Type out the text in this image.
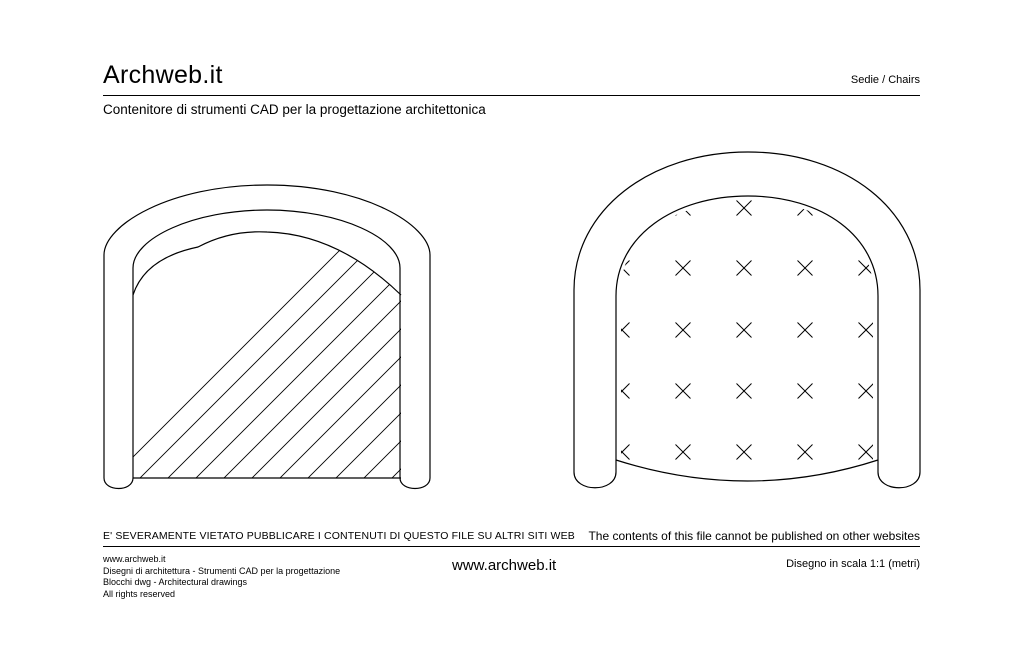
Archweb.it	Sedie / Chairs
Contenitore di strumenti CAD per la progettazione architettonica
E' SEVERAMENTE VIETATO PUBBLICARE I CONTENUTI DI QUESTO FILE SU ALTRI SITI WEB The contents of this file cannot be published on other websites
www.archweb.it
Disegni di architettura - Strumenti CAD per la progettazione
Blocchi dwg - Architectural drawings
All rights reserved
www.archweb.it	Disegno in scala 1:1 (metri)
